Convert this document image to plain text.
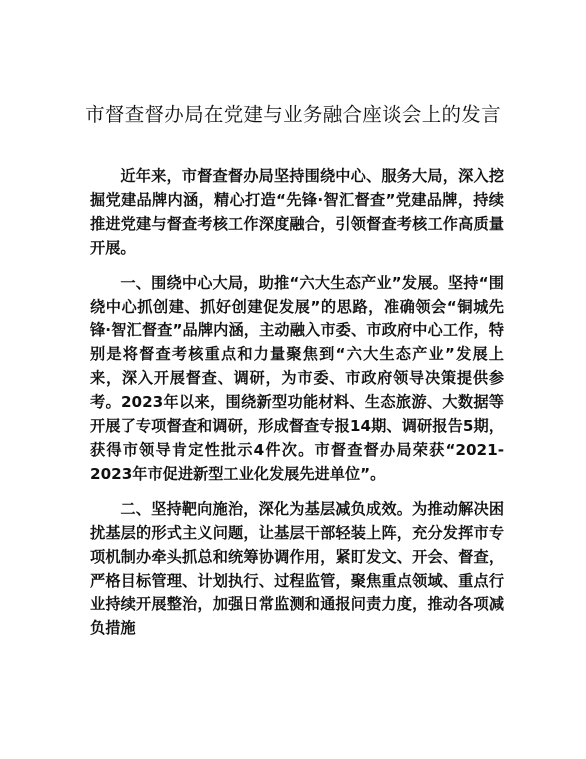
市督查督办局在党建与业务融合座谈会上的发言

近年来，市督查督办局坚持围绕中心、服务大局，深入挖掘党建品牌内涵，精心打造“先锋·智汇督查”党建品牌，持续推进党建与督查考核工作深度融合，引领督查考核工作高质量开展。

一、围绕中心大局，助推“六大生态产业”发展。坚持“围绕中心抓创建、抓好创建促发展”的思路，准确领会“铜城先锋·智汇督查”品牌内涵，主动融入市委、市政府中心工作，特别是将督查考核重点和力量聚焦到“六大生态产业”发展上来，深入开展督查、调研，为市委、市政府领导决策提供参考。2023年以来，围绕新型功能材料、生态旅游、大数据等开展了专项督查和调研，形成督查专报14期、调研报告5期，获得市领导肯定性批示4件次。市督查督办局荣获“2021-2023年市促进新型工业化发展先进单位”。

二、坚持靶向施治，深化为基层减负成效。为推动解决困扰基层的形式主义问题，让基层干部轻装上阵，充分发挥市专项机制办牵头抓总和统筹协调作用，紧盯发文、开会、督查，严格目标管理、计划执行、过程监管，聚焦重点领域、重点行业持续开展整治，加强日常监测和通报问责力度，推动各项减负措施
